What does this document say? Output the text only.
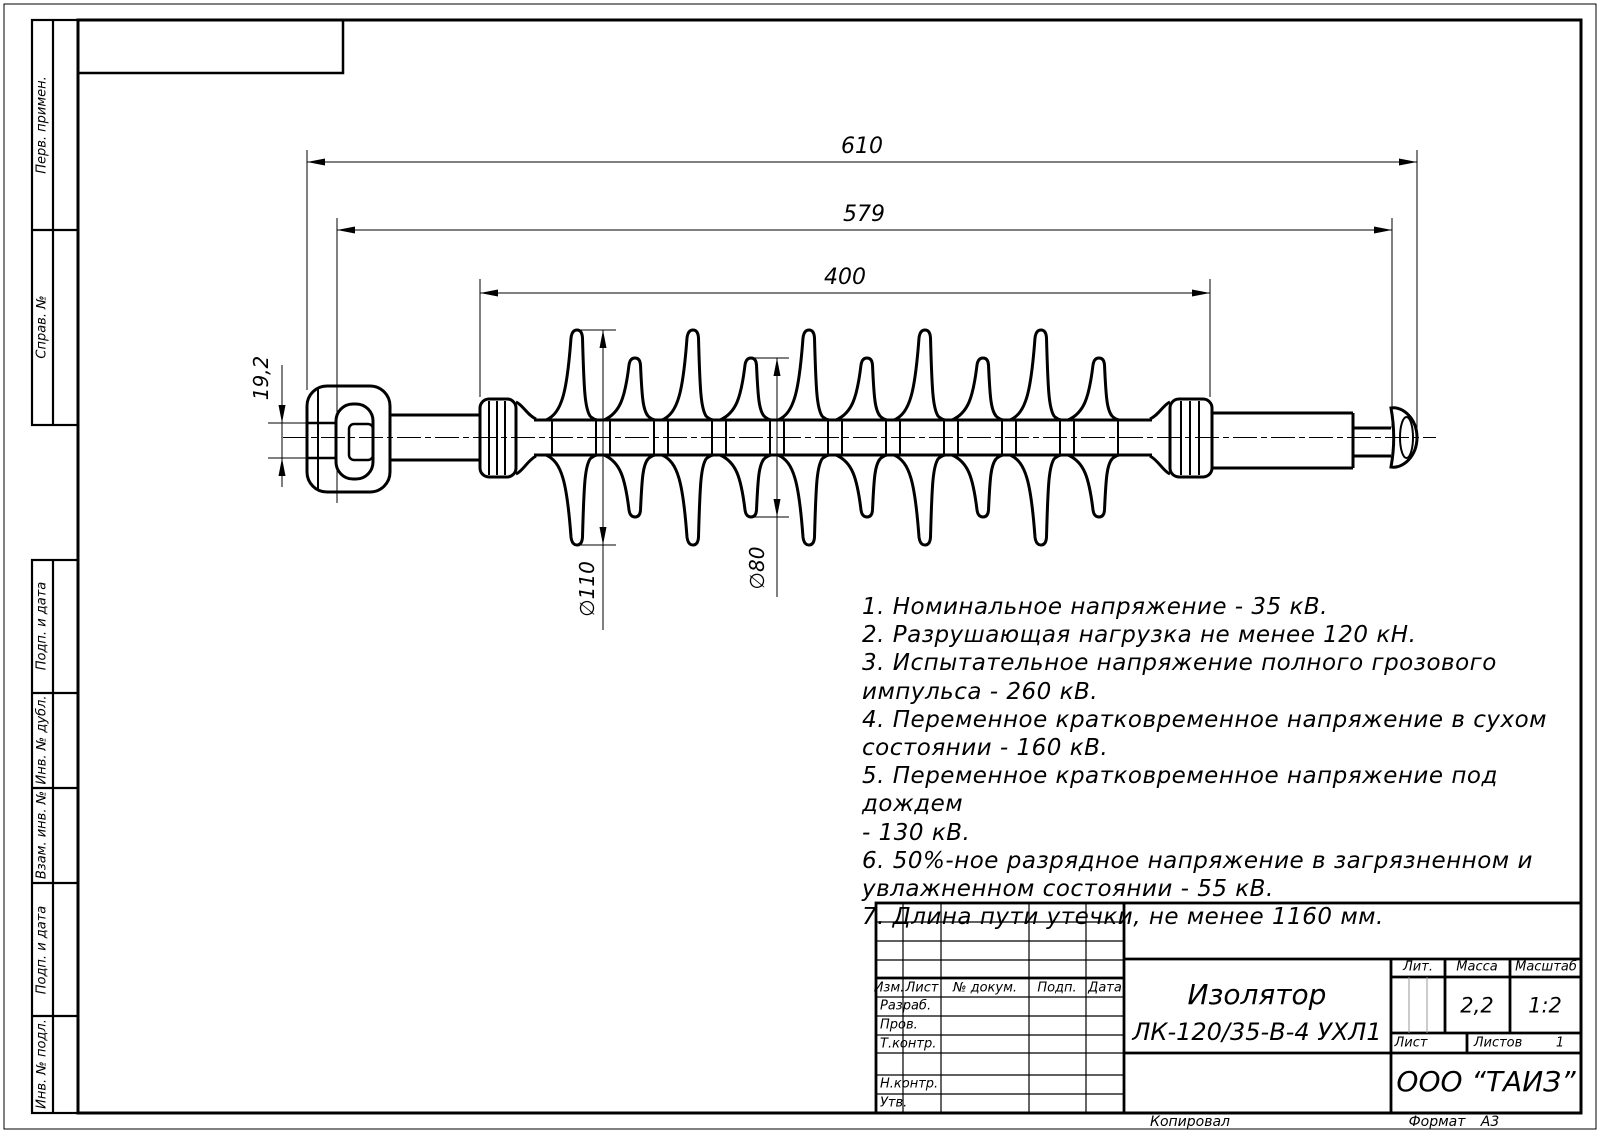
610
579
400
19,2
∅110	∅80
1. Номинальное напряжение - 35 кВ.
2. Разрушающая нагрузка не менее 120 кН.
3. Испытательное напряжение полного грозового
импульса - 260 кВ.
4. Переменное кратковременное напряжение в сухом
состоянии - 160 кВ.
5. Переменное кратковременное напряжение под дождем
- 130 кВ.
6. 50%-ное разрядное напряжение в загрязненном и
увлажненном состоянии - 55 кВ.
7. Длина пути утечки, не менее 1160 мм.
Перв. примен.
Справ. №
Подп. и дата
Инв. № дубл.
Взам. инв. №
Подп. и дата
Инв. № подл.
Изм. Лист № докум. Подп. Дата
Разраб.
Пров.
Т.контр.
Н.контр.
Утв.
Изолятор
ЛК-120/35-В-4 УХЛ1
Лит. Масса Масштаб
2,2 1:2
Лист	Листов	1
ООО “ТАИЗ”
Копировал	Формат А3
